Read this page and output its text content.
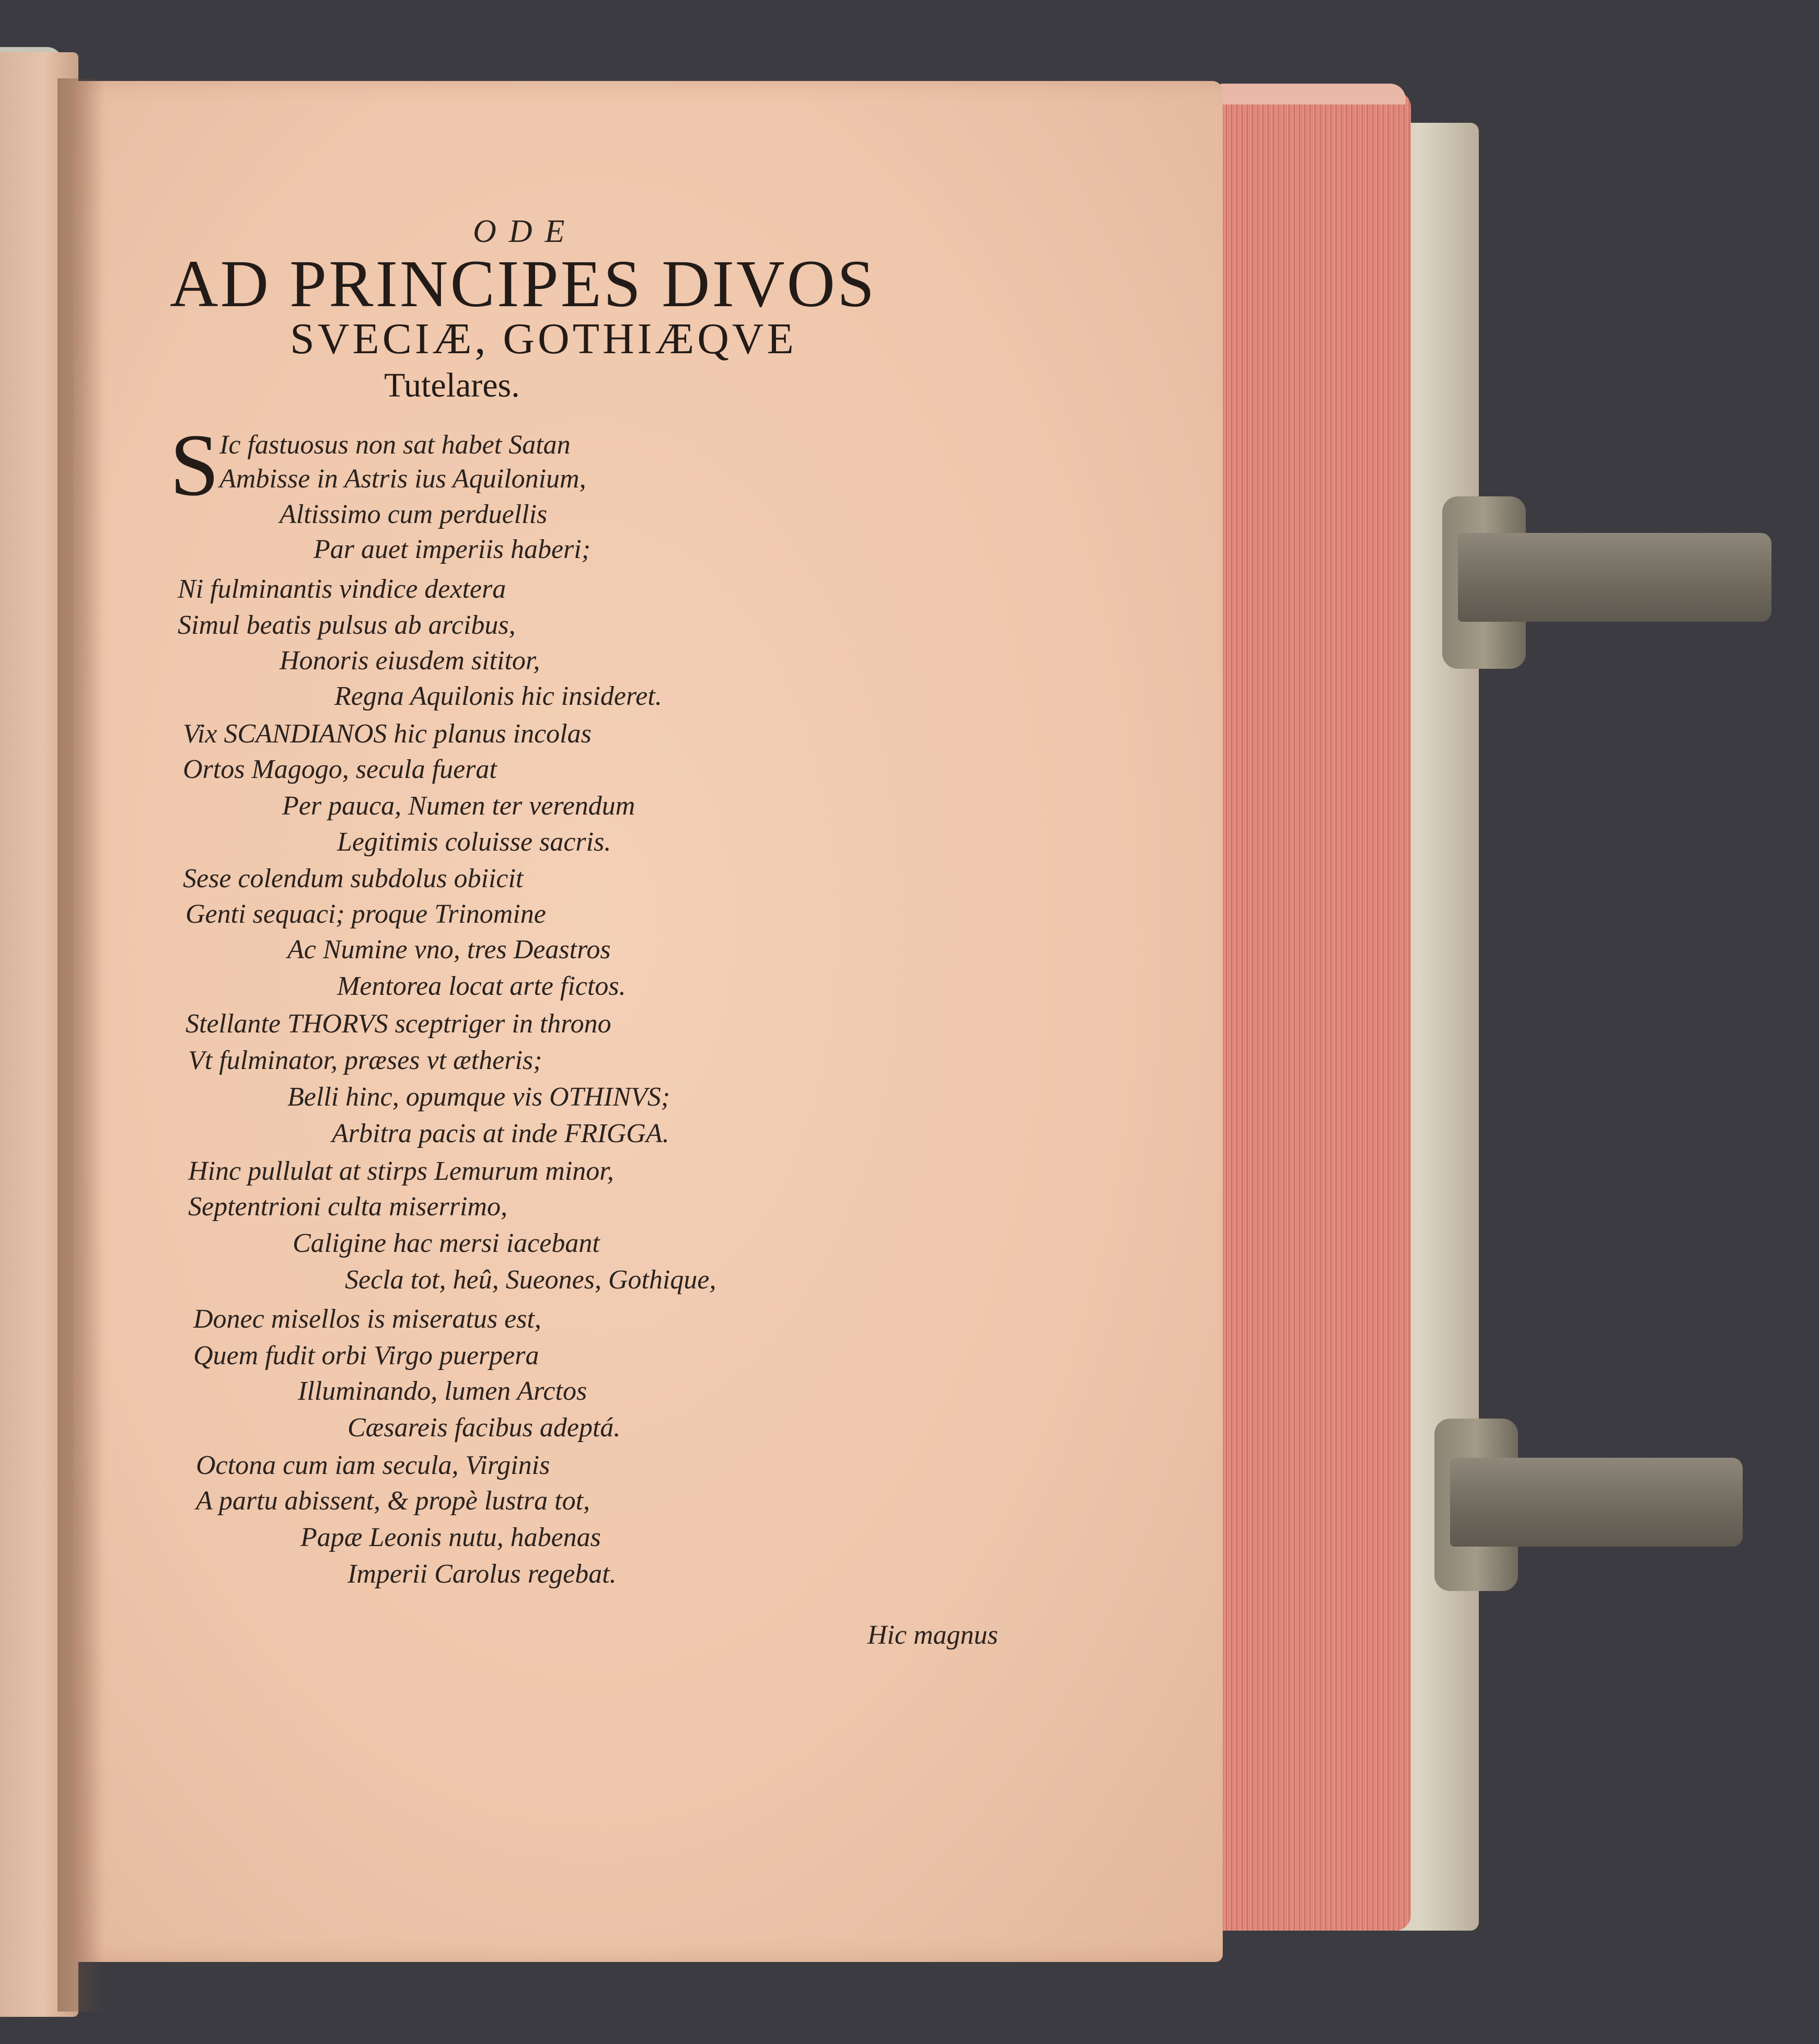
ODE
AD PRINCIPES DIVOS
SVECIÆ, GOTHIÆQVE
Tutelares.
S Ic fastuosus non sat habet Satan
Ambisse in Astris ius Aquilonium,
Altissimo cum perduellis
Par auet imperiis haberi;
Ni fulminantis vindice dextera
Simul beatis pulsus ab arcibus,
Honoris eiusdem sititor,
Regna Aquilonis hic insideret.
Vix SCANDIANOS hic planus incolas
Ortos Magogo, secula fuerat
Per pauca, Numen ter verendum
Legitimis coluisse sacris.
Sese colendum subdolus obiicit
Genti sequaci; proque Trinomine
Ac Numine vno, tres Deastros
Mentorea locat arte fictos.
Stellante THORVS sceptriger in throno
Vt fulminator, præses vt ætheris;
Belli hinc, opumque vis OTHINVS;
Arbitra pacis at inde FRIGGA.
Hinc pullulat at stirps Lemurum minor,
Septentrioni culta miserrimo,
Caligine hac mersi iacebant
Secla tot, heû, Sueones, Gothique,
Donec misellos is miseratus est,
Quem fudit orbi Virgo puerpera
Illuminando, lumen Arctos
Cæsareis facibus adeptá.
Octona cum iam secula, Virginis
A partu abissent, & propè lustra tot,
Papæ Leonis nutu, habenas
Imperii Carolus regebat.
Hic magnus
